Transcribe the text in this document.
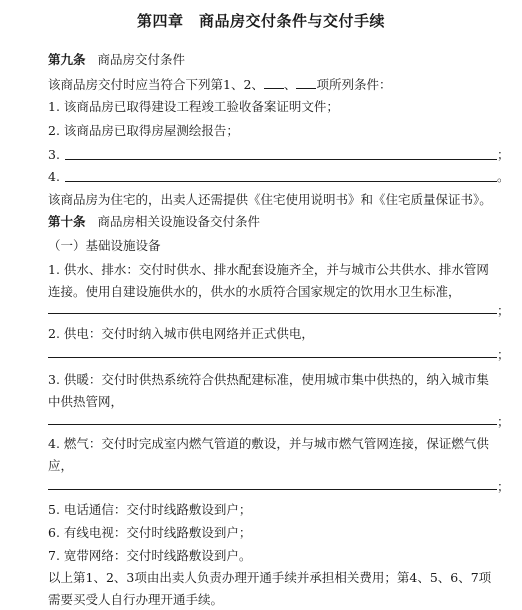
第四章　商品房交付条件与交付手续
第九条 商品房交付条件
该商品房交付时应当符合下列第1、2、 、 项所列条件：
1. 该商品房已取得建设工程竣工验收备案证明文件；
2. 该商品房已取得房屋测绘报告；
3.	；
4.	。
该商品房为住宅的，出卖人还需提供《住宅使用说明书》和《住宅质量保证书》。
第十条 商品房相关设施设备交付条件
（一）基础设施设备
1. 供水、排水：交付时供水、排水配套设施齐全，并与城市公共供水、排水管网
连接。使用自建设施供水的，供水的水质符合国家规定的饮用水卫生标准，
；
2. 供电：交付时纳入城市供电网络并正式供电，
；
3. 供暖：交付时供热系统符合供热配建标准，使用城市集中供热的，纳入城市集
中供热管网，
；
4. 燃气：交付时完成室内燃气管道的敷设，并与城市燃气管网连接，保证燃气供
应，
；
5. 电话通信：交付时线路敷设到户；
6. 有线电视：交付时线路敷设到户；
7. 宽带网络：交付时线路敷设到户。
以上第1、2、3项由出卖人负责办理开通手续并承担相关费用；第4、5、6、7项
需要买受人自行办理开通手续。
